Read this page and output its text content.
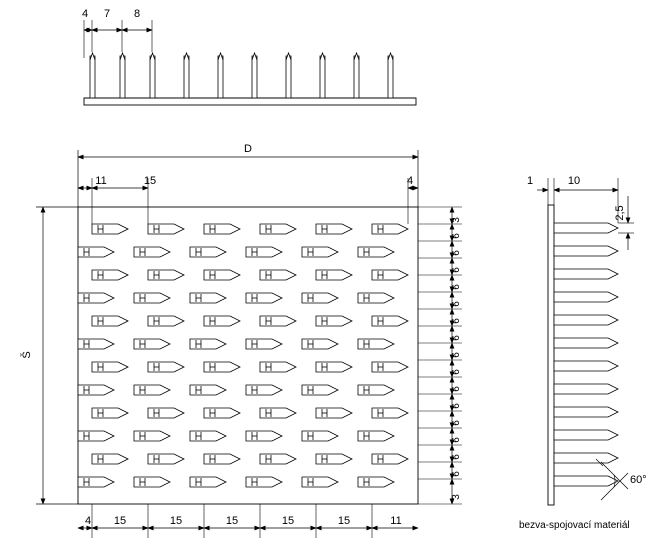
4 7 8
D
Š
11	15	4
4 15	15	15	15	15	11
3
3
6
6
6
6
6
6
6
6
6
6
6
6
6
6
6
1	10
2,5
60°
bezva-spojovací materiál
